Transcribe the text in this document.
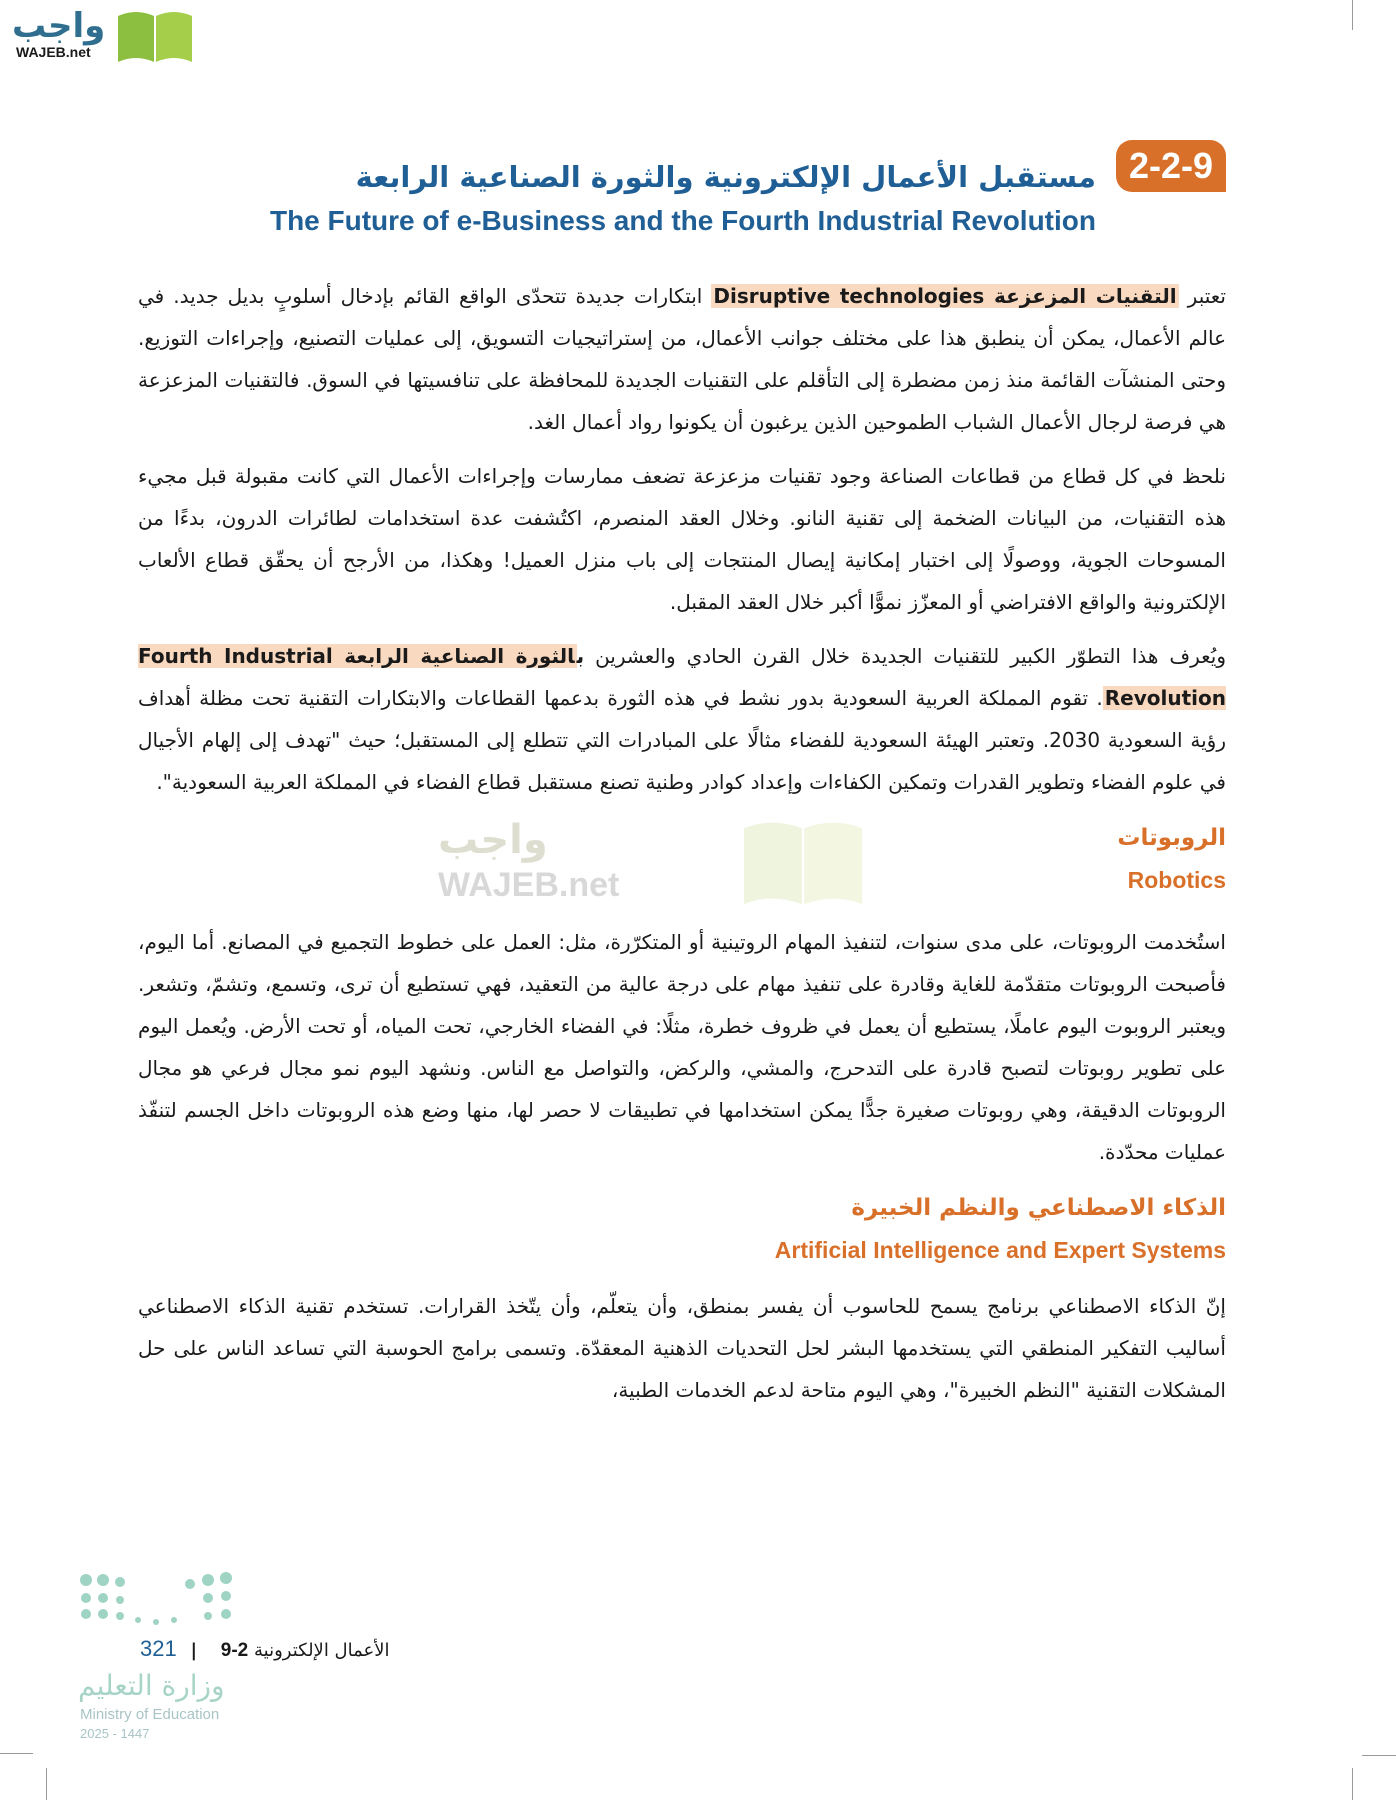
واجب
WAJEB.net
2-2-9
مستقبل الأعمال الإلكترونية والثورة الصناعية الرابعة
The Future of e-Business and the Fourth Industrial Revolution

تعتبر التقنيات المزعزعة Disruptive technologies ابتكارات جديدة تتحدّى الواقع القائم بإدخال أسلوبٍ بديل جديد. في عالم الأعمال، يمكن أن ينطبق هذا على مختلف جوانب الأعمال، من إستراتيجيات التسويق، إلى عمليات التصنيع، وإجراءات التوزيع. وحتى المنشآت القائمة منذ زمن مضطرة إلى التأقلم على التقنيات الجديدة للمحافظة على تنافسيتها في السوق. فالتقنيات المزعزعة هي فرصة لرجال الأعمال الشباب الطموحين الذين يرغبون أن يكونوا رواد أعمال الغد.

نلحظ في كل قطاع من قطاعات الصناعة وجود تقنيات مزعزعة تضعف ممارسات وإجراءات الأعمال التي كانت مقبولة قبل مجيء هذه التقنيات، من البيانات الضخمة إلى تقنية النانو. وخلال العقد المنصرم، اكتُشفت عدة استخدامات لطائرات الدرون، بدءًا من المسوحات الجوية، ووصولًا إلى اختبار إمكانية إيصال المنتجات إلى باب منزل العميل! وهكذا، من الأرجح أن يحقّق قطاع الألعاب الإلكترونية والواقع الافتراضي أو المعزّز نموًّا أكبر خلال العقد المقبل.

ويُعرف هذا التطوّر الكبير للتقنيات الجديدة خلال القرن الحادي والعشرين بالثورة الصناعية الرابعة Fourth Industrial Revolution. تقوم المملكة العربية السعودية بدور نشط في هذه الثورة بدعمها القطاعات والابتكارات التقنية تحت مظلة أهداف رؤية السعودية 2030. وتعتبر الهيئة السعودية للفضاء مثالًا على المبادرات التي تتطلع إلى المستقبل؛ حيث "تهدف إلى إلهام الأجيال في علوم الفضاء وتطوير القدرات وتمكين الكفاءات وإعداد كوادر وطنية تصنع مستقبل قطاع الفضاء في المملكة العربية السعودية".

واجب
WAJEB.net
الروبوتات
Robotics

استُخدمت الروبوتات، على مدى سنوات، لتنفيذ المهام الروتينية أو المتكرّرة، مثل: العمل على خطوط التجميع في المصانع. أما اليوم، فأصبحت الروبوتات متقدّمة للغاية وقادرة على تنفيذ مهام على درجة عالية من التعقيد، فهي تستطيع أن ترى، وتسمع، وتشمّ، وتشعر. ويعتبر الروبوت اليوم عاملًا، يستطيع أن يعمل في ظروف خطرة، مثلًا: في الفضاء الخارجي، تحت المياه، أو تحت الأرض. ويُعمل اليوم على تطوير روبوتات لتصبح قادرة على التدحرج، والمشي، والركض، والتواصل مع الناس. ونشهد اليوم نمو مجال فرعي هو مجال الروبوتات الدقيقة، وهي روبوتات صغيرة جدًّا يمكن استخدامها في تطبيقات لا حصر لها، منها وضع هذه الروبوتات داخل الجسم لتنفّذ عمليات محدّدة.

الذكاء الاصطناعي والنظم الخبيرة
Artificial Intelligence and Expert Systems

إنّ الذكاء الاصطناعي برنامج يسمح للحاسوب أن يفسر بمنطق، وأن يتعلّم، وأن يتّخذ القرارات. تستخدم تقنية الذكاء الاصطناعي أساليب التفكير المنطقي التي يستخدمها البشر لحل التحديات الذهنية المعقدّة. وتسمى برامج الحوسبة التي تساعد الناس على حل المشكلات التقنية "النظم الخبيرة"، وهي اليوم متاحة لدعم الخدمات الطبية،

وزارة التعليم
Ministry of Education
2025 - 1447
321 |	الأعمال الإلكترونية 2-9
